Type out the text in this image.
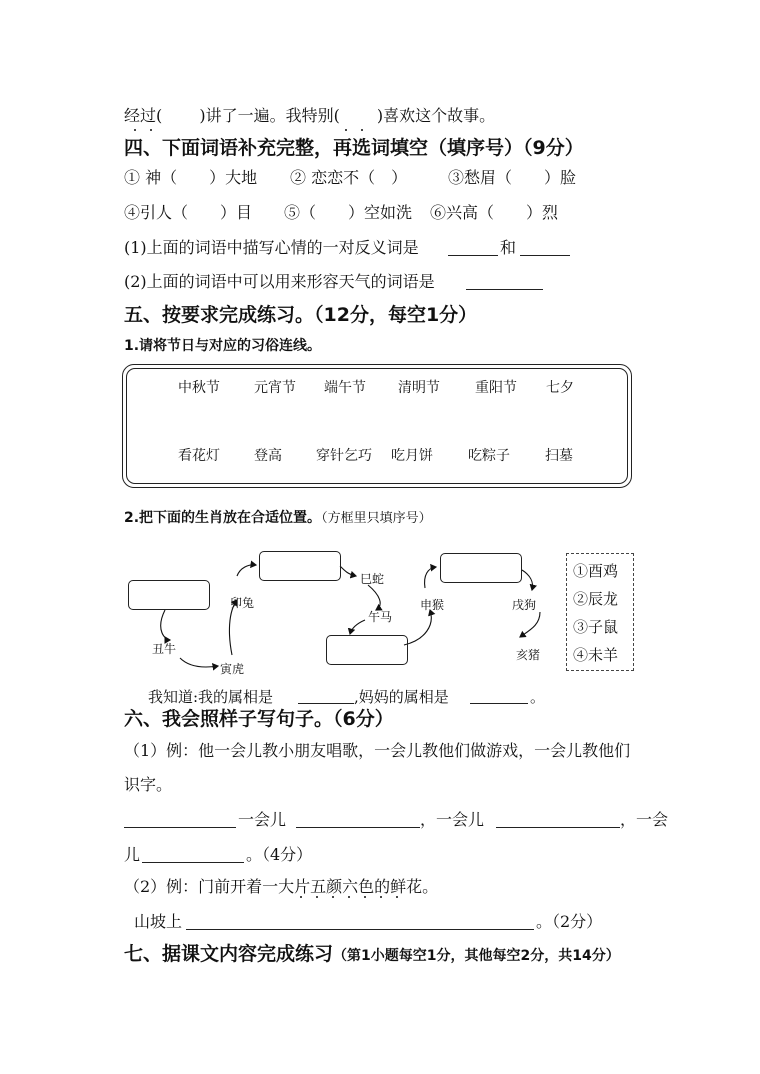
经过(　　 )讲了一遍。我特别(　　 )喜欢这个故事。
四、下面词语补充完整，再选词填空（填序号）（9分）
① 神（　　）大地 ② 恋恋不（　）	③愁眉（　　）脸
④引人（　　）目 ⑤（　　）空如洗 ⑥兴高（　　）烈
(1)上面的词语中描写心情的一对反义词是	和
(2)上面的词语中可以用来形容天气的词语是
五、按要求完成练习。（12分，每空1分）
1.请将节日与对应的习俗连线。
中秋节 元宵节 端午节 清明节	重阳节 七夕
看花灯 登高 穿针乞巧 吃月饼	吃粽子	扫墓
2.把下面的生肖放在合适位置。（方框里只填序号）
丑牛
寅虎
卯兔
巳蛇
午马
申猴	戌狗
亥猪
①酉鸡
②辰龙
③子鼠
④未羊
我知道:我的属相是	,妈妈的属相是	。
六、我会照样子写句子。（6分）
（1）例：他一会儿教小朋友唱歌，一会儿教他们做游戏，一会儿教他们
识字。
一会儿	，一会儿	，一会
儿	。（4分）
（2）例：门前开着一大片五颜六色的鲜花。
山坡上	。（2分）
七、据课文内容完成练习（第1小题每空1分，其他每空2分，共14分）
